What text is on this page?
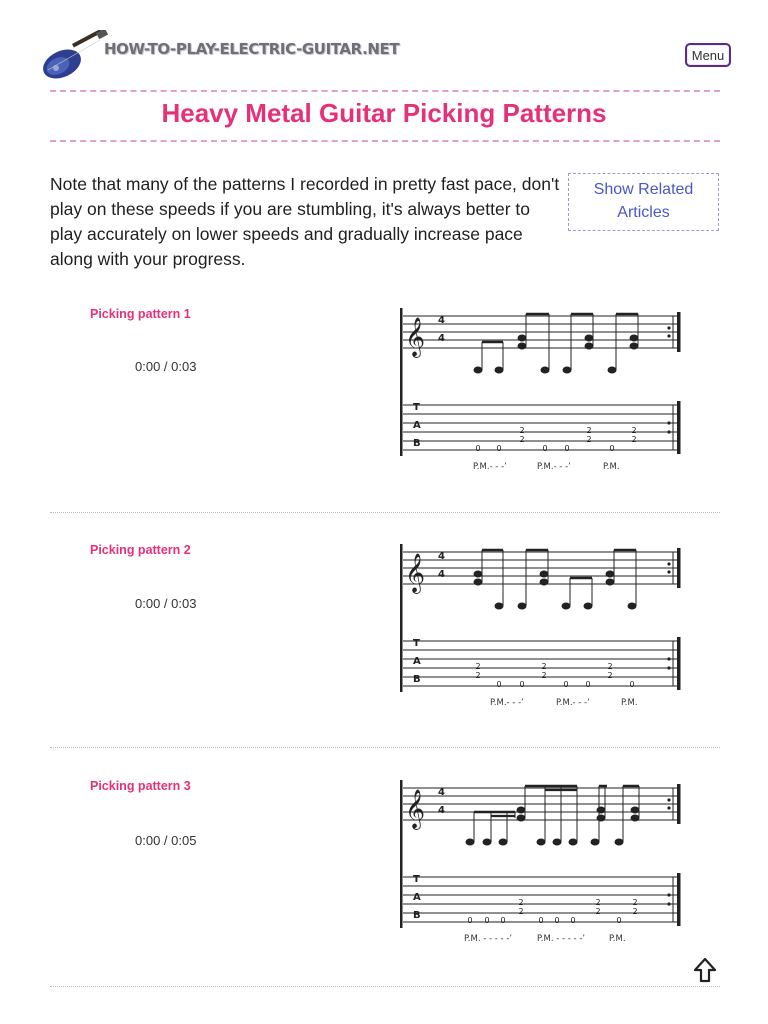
HOW-TO-PLAY-ELECTRIC-GUITAR.NET	Menu
Heavy Metal Guitar Picking Patterns

Note that many of the patterns I recorded in pretty fast pace, don't play on these speeds if you are stumbling, it's always better to play accurately on lower speeds and gradually increase pace along with your progress.

Show Related
Articles
Picking pattern 1
0:00 / 0:03
𝄞 4
4
T
A
B	0 0
2
2
0 0
2
2
0
2
2
P.M.- - -’	P.M.- - -’	P.M.
Picking pattern 2
0:00 / 0:03
𝄞 4
4
T
A
B
2
2
0 0
2
2
0 0
2
2
0
P.M.- - -’	P.M.- - -’	P.M.
Picking pattern 3
0:00 / 0:05
𝄞 4
4
T
A
B	0 0 0
2
2
0 0 0
2
2
0
2
2
P.M. - - - - -’	P.M. - - - - -’	P.M.
